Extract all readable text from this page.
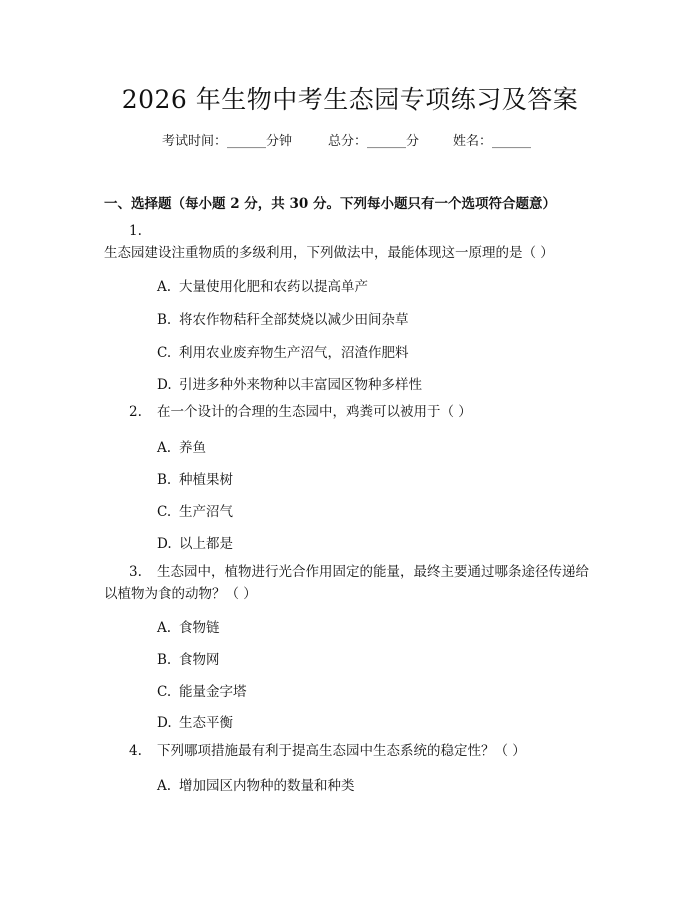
2026 年生物中考生态园专项练习及答案
考试时间：______分钟	总分：______分	姓名：______
一、选择题（每小题 2 分，共 30 分。下列每小题只有一个选项符合题意）
1.生态园建设注重物质的多级利用，下列做法中，最能体现这一原理的是（ ）
A. 大量使用化肥和农药以提高单产
B. 将农作物秸秆全部焚烧以减少田间杂草
C. 利用农业废弃物生产沼气，沼渣作肥料
D. 引进多种外来物种以丰富园区物种多样性
2. 在一个设计的合理的生态园中，鸡粪可以被用于（ ）
A. 养鱼
B. 种植果树
C. 生产沼气
D. 以上都是
3. 生态园中，植物进行光合作用固定的能量，最终主要通过哪条途径传递给以植物为食的动物？（ ）
A. 食物链
B. 食物网
C. 能量金字塔
D. 生态平衡
4. 下列哪项措施最有利于提高生态园中生态系统的稳定性？（ ）
A. 增加园区内物种的数量和种类
